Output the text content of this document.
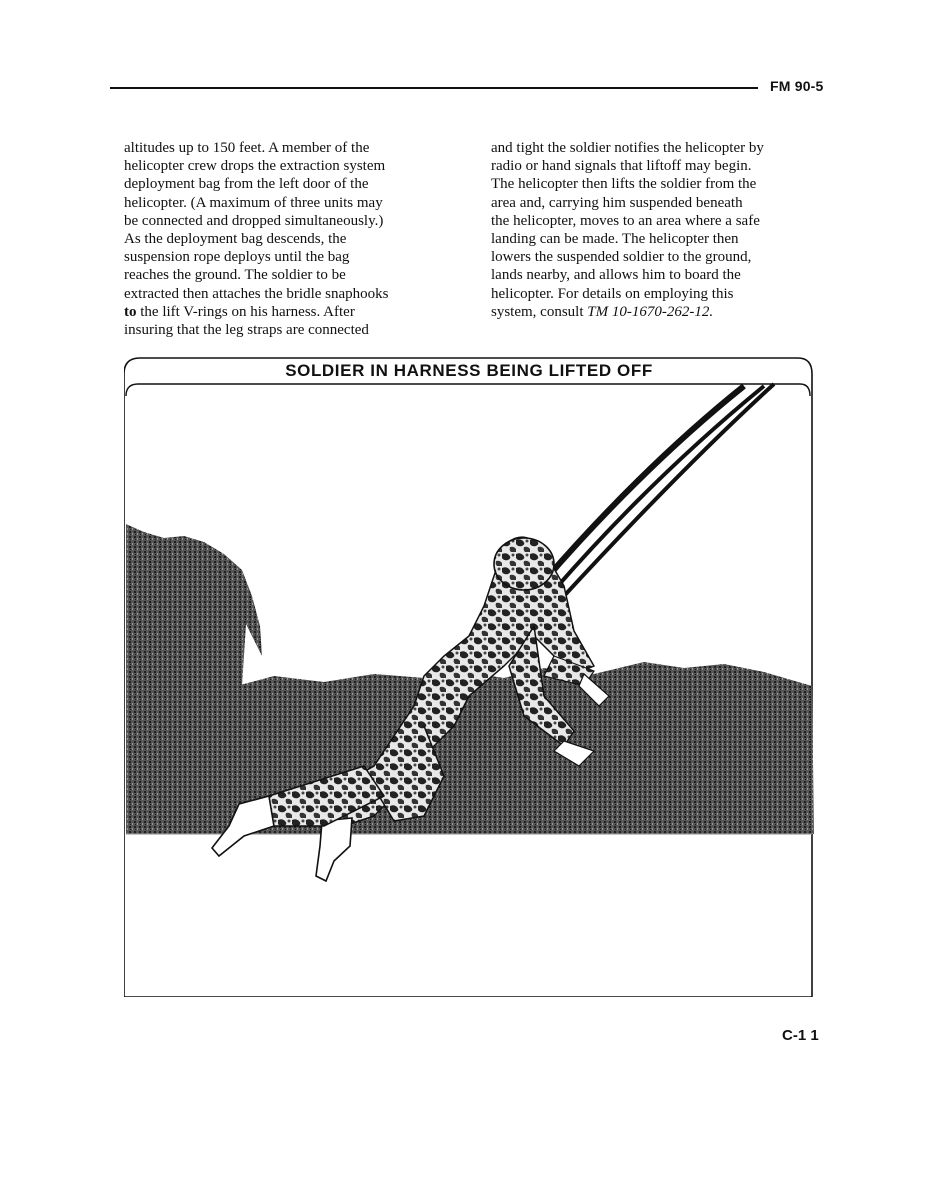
FM 90-5

altitudes up to 150 feet. A member of the

helicopter crew drops the extraction system

deployment bag from the left door of the

helicopter. (A maximum of three units may

be connected and dropped simultaneously.)

As the deployment bag descends, the

suspension rope deploys until the bag

reaches the ground. The soldier to be

extracted then attaches the bridle snaphooks

to the lift V-rings on his harness. After

insuring that the leg straps are connected

and tight the soldier notifies the helicopter by

radio or hand signals that liftoff may begin.

The helicopter then lifts the soldier from the

area and, carrying him suspended beneath

the helicopter, moves to an area where a safe

landing can be made. The helicopter then

lowers the suspended soldier to the ground,

lands nearby, and allows him to board the

helicopter. For details on employing this

system, consult TM 10-1670-262-12.

SOLDIER IN HARNESS BEING LIFTED OFF
C-1 1
